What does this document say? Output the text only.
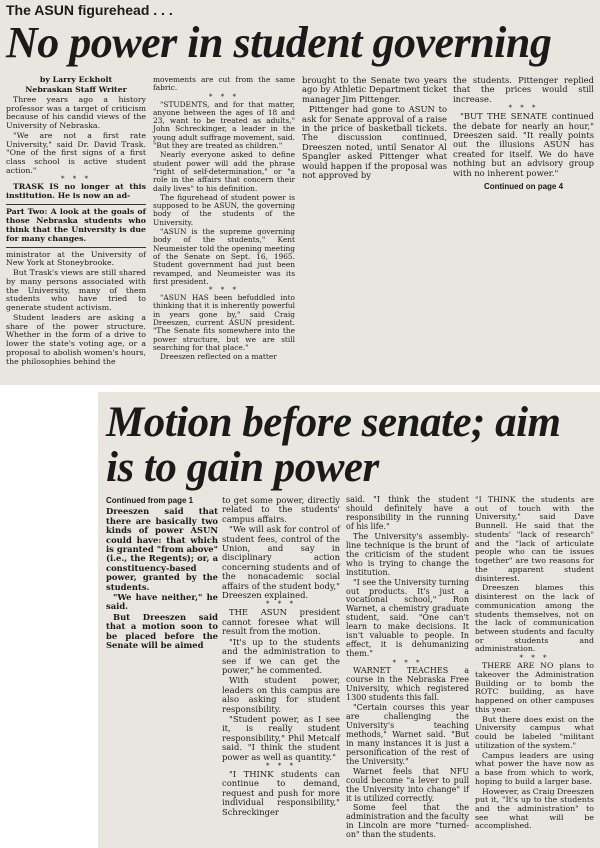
The ASUN figurehead . . .
No power in student governing
by Larry Eckholt
Nebraskan Staff Writer

Three years ago a history professor was a target of criticism because of his candid views of the University of Nebraska.

"We are not a first rate University," said Dr. David Trask. "One of the first signs of a first class school is active student action."

* * *

TRASK IS no longer at this institution. He is now an ad-

Part Two: A look at the goals of those Nebraska students who think that the University is due for many changes.

ministrator at the University of New York at Stoneybrooke.

But Trask's views are still shared by many persons associated with the University, many of them students who have tried to generate student activism.

Student leaders are asking a share of the power structure. Whether in the form of a drive to lower the state's voting age, or a proposal to abolish women's hours, the philosophies behind the

movements are cut from the same fabric.

* * *

"STUDENTS, and for that matter, anyone between the ages of 18 and 23, want to be treated as adults," John Schreckinger, a leader in the young adult suffrage movement, said. "But they are treated as children."

Nearly everyone asked to define student power will add the phrase "right of self-determination," or "a role in the affairs that concern their daily lives" to his definition.

The figurehead of student power is supposed to be ASUN, the governing body of the students of the University.

"ASUN is the supreme governing body of the students," Kent Neumeister told the opening meeting of the Senate on Sept. 16, 1965. Student government had just been revamped, and Neumeister was its first president.

* * *

"ASUN HAS been befuddled into thinking that it is inherently powerful in years gone by," said Craig Dreeszen, current ASUN president. "The Senate fits somewhere into the power structure, but we are still searching for that place."

Dreeszen reflected on a matter

brought to the Senate two years ago by Athletic Department ticket manager Jim Pittenger.

Pittenger had gone to ASUN to ask for Senate approval of a raise in the price of basketball tickets. The discussion continued, Dreeszen noted, until Senator Al Spangler asked Pittenger what would happen if the proposal was not approved by

the students. Pittenger replied that the prices would still increase.

* * *

"BUT THE SENATE continued the debate for nearly an hour," Dreeszen said. "It really points out the illusions ASUN has created for itself. We do have nothing but an advisory group with no inherent power."

Continued on page 4
Motion before senate; aim is to gain power
Continued from page 1

Dreeszen said that there are basically two kinds of power ASUN could have: that which is granted "from above" (i.e., the Regents); or, a constituency-based power, granted by the students.

"We have neither," he said.

But Dreeszen said that a motion soon to be placed before the Senate will be aimed

to get some power, directly related to the students' campus affairs.

"We will ask for control of student fees, control of the Union, and say in disciplinary action concerning students and of the nonacademic social affairs of the student body," Dreeszen explained.

* * *

THE ASUN president cannot foresee what will result from the motion.

"It's up to the students and the administration to see if we can get the power," he commented.

With student power, leaders on this campus are also asking for student responsibility.

"Student power, as I see it, is really student responsibility," Phil Metcalf said. "I think the student power as well as quantity."

* * *

"I THINK students can continue to demand, request and push for more individual responsibility," Schreckinger

said. "I think the student should definitely have a responsibility in the running of his life."

The University's assembly-line technique is the brunt of the criticism of the student who is trying to change the institution.

"I see the University turning out products. It's just a vocational school," Ron Warnet, a chemistry graduate student, said. "One can't learn to make decisions. It isn't valuable to people. In effect, it is dehumanizing them."

* * *

WARNET TEACHES a course in the Nebraska Free University, which registered 1300 students this fall.

"Certain courses this year are challenging the University's teaching methods," Warnet said. "But in many instances it is just a personification of the rest of the University."

Warnet feels that NFU could become "a lever to pull the University into change" if it is utilized correctly.

Some feel that the administration and the faculty in Lincoln are more "turned-on" than the students.

"I THINK the students are out of touch with the University," said Dave Bunnell. He said that the students' "lack of research" and the "lack of articulate people who can tie issues together" are two reasons for the apparent student disinterest.

Dreeszen blames this disinterest on the lack of communication among the students themselves, not on the lack of communication between students and faculty or students and administration.

* * *

THERE ARE NO plans to takeover the Administration Building or to bomb the ROTC building, as have happened on other campuses this year.

But there does exist on the University campus what could be labeled "militant utilization of the system."

Campus leaders are using what power the have now as a base from which to work, hoping to build a larger base.

However, as Craig Dreeszen put it, "It's up to the students and the administration" to see what will be accomplished.
